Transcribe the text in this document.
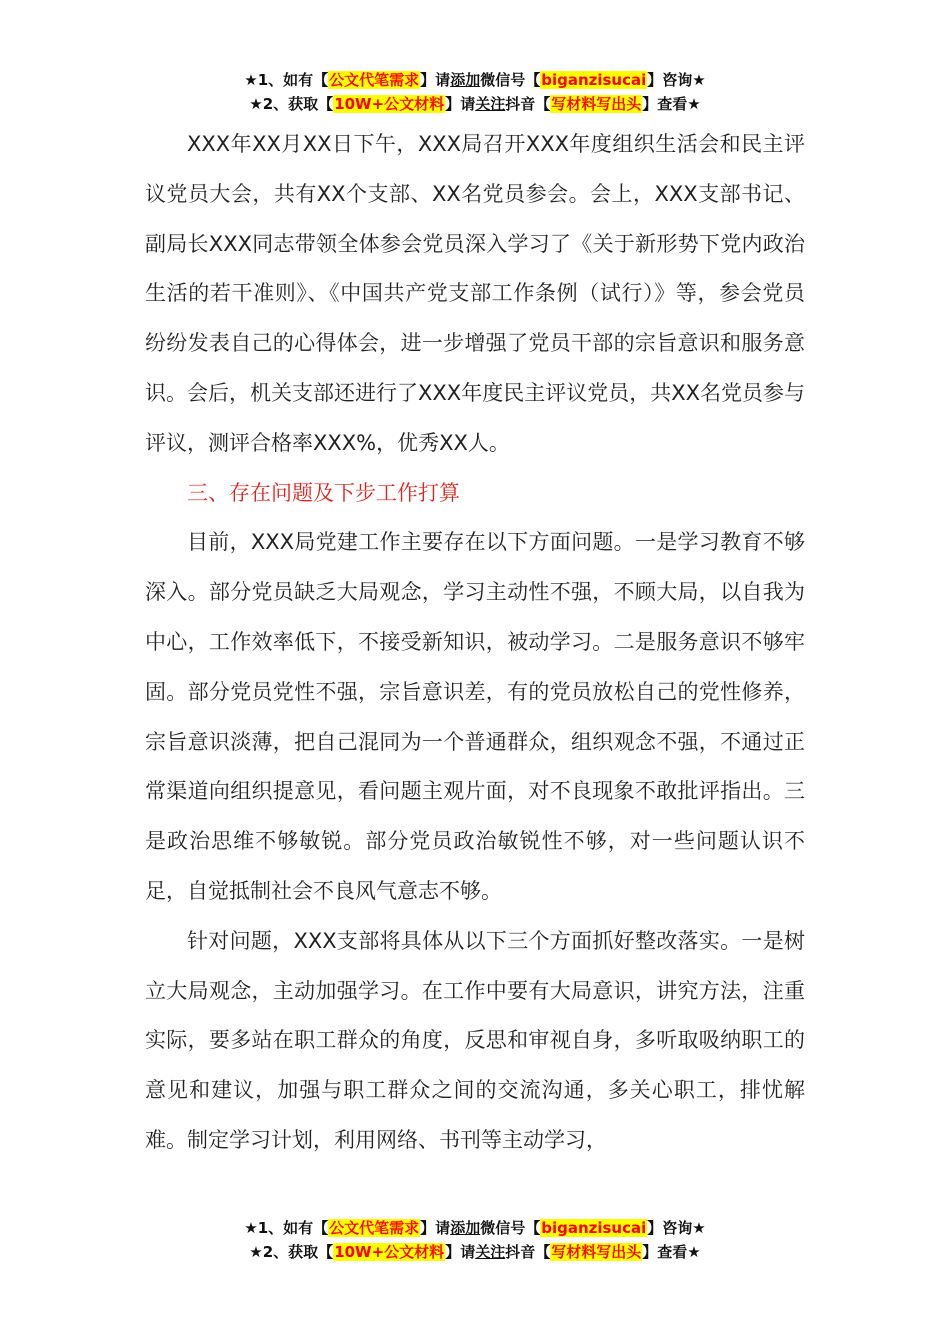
★1、如有【公文代笔需求】请添加微信号【biganzisucai】咨询★
★2、获取【10W+公文材料】请关注抖音【写材料写出头】查看★

XXX年XX月XX日下午，XXX局召开XXX年度组织生活会和民主评议党员大会，共有XX个支部、XX名党员参会。会上，XXX支部书记、副局长XXX同志带领全体参会党员深入学习了《关于新形势下党内政治生活的若干准则》、《中国共产党支部工作条例（试行）》等，参会党员纷纷发表自己的心得体会，进一步增强了党员干部的宗旨意识和服务意识。会后，机关支部还进行了XXX年度民主评议党员，共XX名党员参与评议，测评合格率XXX%，优秀XX人。

三、存在问题及下步工作打算

目前，XXX局党建工作主要存在以下方面问题。一是学习教育不够深入。部分党员缺乏大局观念，学习主动性不强，不顾大局，以自我为中心，工作效率低下，不接受新知识，被动学习。二是服务意识不够牢固。部分党员党性不强，宗旨意识差，有的党员放松自己的党性修养，宗旨意识淡薄，把自己混同为一个普通群众，组织观念不强，不通过正常渠道向组织提意见，看问题主观片面，对不良现象不敢批评指出。三是政治思维不够敏锐。部分党员政治敏锐性不够，对一些问题认识不足，自觉抵制社会不良风气意志不够。

针对问题，XXX支部将具体从以下三个方面抓好整改落实。一是树立大局观念，主动加强学习。在工作中要有大局意识，讲究方法，注重实际，要多站在职工群众的角度，反思和审视自身，多听取吸纳职工的意见和建议，加强与职工群众之间的交流沟通，多关心职工，排忧解难。制定学习计划，利用网络、书刊等主动学习，

★1、如有【公文代笔需求】请添加微信号【biganzisucai】咨询★
★2、获取【10W+公文材料】请关注抖音【写材料写出头】查看★
